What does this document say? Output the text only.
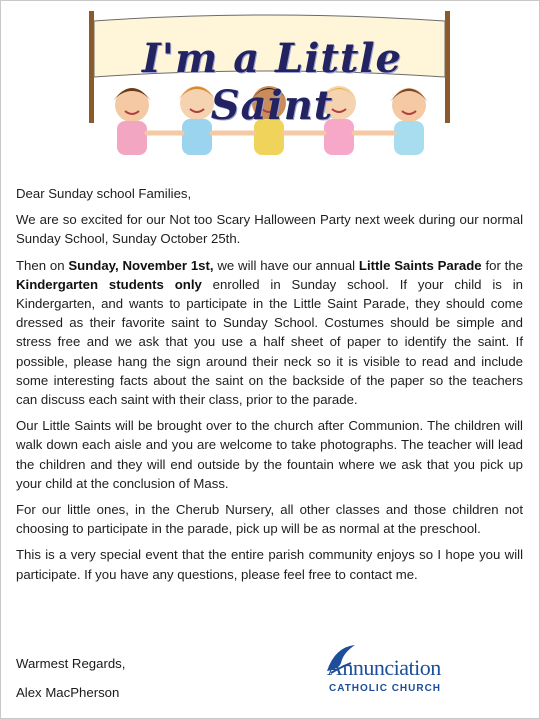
I'm a Little Saint

Dear Sunday school Families,

We are so excited for our Not too Scary Halloween Party next week during our normal Sunday School, Sunday October 25th.

Then on Sunday, November 1st, we will have our annual Little Saints Parade for the Kindergarten students only enrolled in Sunday school. If your child is in Kindergarten, and wants to participate in the Little Saint Parade, they should come dressed as their favorite saint to Sunday School. Costumes should be simple and stress free and we ask that you use a half sheet of paper to identify the saint. If possible, please hang the sign around their neck so it is visible to read and include some interesting facts about the saint on the backside of the paper so the teachers can discuss each saint with their class, prior to the parade.

Our Little Saints will be brought over to the church after Communion. The children will walk down each aisle and you are welcome to take photographs. The teacher will lead the children and they will end outside by the fountain where we ask that you pick up your child at the conclusion of Mass.

For our little ones, in the Cherub Nursery, all other classes and those children not choosing to participate in the parade, pick up will be as normal at the preschool.

This is a very special event that the entire parish community enjoys so I hope you will participate. If you have any questions, please feel free to contact me.

Warmest Regards,
Alex MacPherson
Annunciation
CATHOLIC CHURCH
